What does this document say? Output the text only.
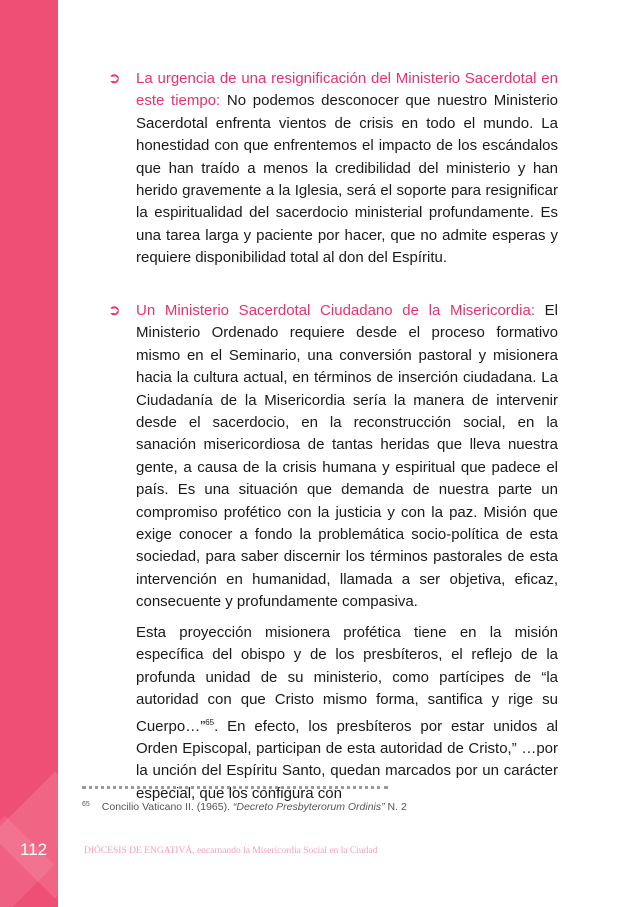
112
➲ La urgencia de una resignificación del Ministerio Sacerdotal en este tiempo: No podemos desconocer que nuestro Ministerio Sacerdotal enfrenta vientos de crisis en todo el mundo. La honestidad con que enfrentemos el impacto de los escándalos que han traído a menos la credibilidad del ministerio y han herido gravemente a la Iglesia, será el soporte para resignificar la espiritualidad del sacerdocio ministerial profundamente. Es una tarea larga y paciente por hacer, que no admite esperas y requiere disponibilidad total al don del Espíritu.
➲ Un Ministerio Sacerdotal Ciudadano de la Misericordia: El Ministerio Ordenado requiere desde el proceso formativo mismo en el Seminario, una conversión pastoral y misionera hacia la cultura actual, en términos de inserción ciudadana. La Ciudadanía de la Misericordia sería la manera de intervenir desde el sacerdocio, en la reconstrucción social, en la sanación misericordiosa de tantas heridas que lleva nuestra gente, a causa de la crisis humana y espiritual que padece el país. Es una situación que demanda de nuestra parte un compromiso profético con la justicia y con la paz. Misión que exige conocer a fondo la problemática socio-política de esta sociedad, para saber discernir los términos pastorales de esta intervención en humanidad, llamada a ser objetiva, eficaz, consecuente y profundamente compasiva.
Esta proyección misionera profética tiene en la misión específica del obispo y de los presbíteros, el reflejo de la profunda unidad de su ministerio, como partícipes de “la autoridad con que Cristo mismo forma, santifica y rige su Cuerpo…”$^{65}$. En efecto, los presbíteros por estar unidos al Orden Episcopal, participan de esta autoridad de Cristo,” …por la unción del Espíritu Santo, quedan marcados por un carácter especial, que los configura con
$^{65}$ Concilio Vaticano II. (1965). “Decreto Presbyterorum Ordinis” N. 2
DIÓCESIS DE ENGATIVÁ, encarnando la Misericordia Social en la Ciudad
